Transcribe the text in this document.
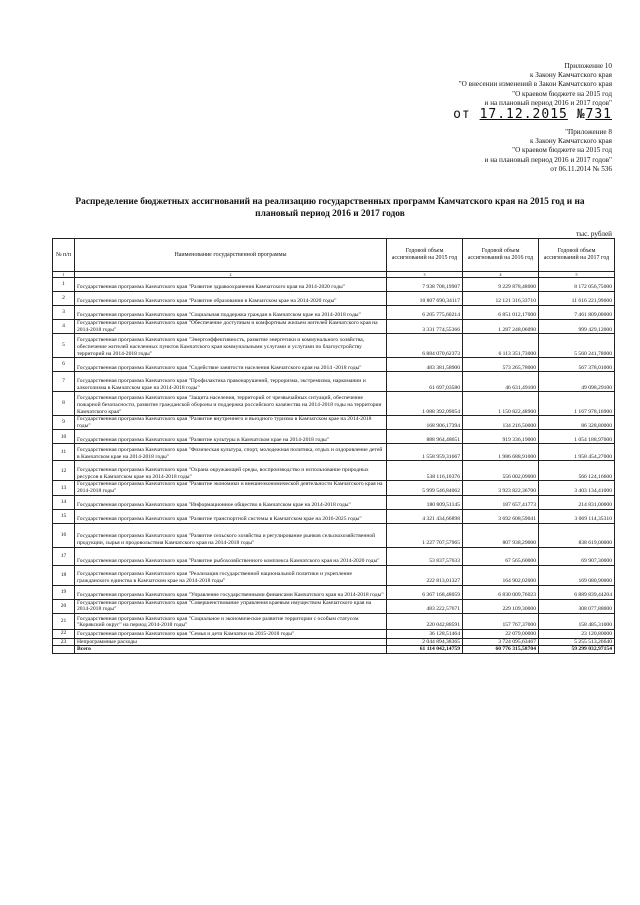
Приложение 10
к Закону Камчатского края
"О внесении изменений в Закон Камчатского края
"О краевом бюджете на 2015 год
и на плановый период 2016 и 2017 годов"
от 17.12.2015 №731
"Приложение 8
к Закону Камчатского края
"О краевом бюджете на 2015 год
и на плановый период 2016 и 2017 годов"
от 06.11.2014 № 536
Распределение бюджетных ассигнований на реализацию государственных программ Камчатского края на 2015 год и на плановый период 2016 и 2017 годов
тыс. рублей
№ п/п	Наименование государственной программы	Годовой объем ассигнований на 2015 год	Годовой объем ассигнований на 2016 год	Годовой объем ассигнований на 2017 год
1	2	3	4	5
1	Государственная программа Камчатского края "Развитие здравоохранения Камчатского края на 2014-2020 годы"	7 938 708,19907	9 229 878,48000	8 172 056,75000
2	Государственная программа Камчатского края "Развитие образования в Камчатском крае на 2014-2020 годы"	10 807 690,34117	12 121 316,33710	11 616 221,99000
3	Государственная программа Камчатского края "Социальная поддержка граждан в Камчатском крае на 2014-2018 годы"	6 205 775,60214	6 851 012,17000	7 461 809,00000
4	Государственная программа Камчатского края "Обеспечение доступным и комфортным жильем жителей Камчатского края на 2014-2018 годы"	3 331 774,55366	1 287 248,06090	999 429,12000
5	Государственная программа Камчатского края "Энергоэффективность, развитие энергетики и коммунального хозяйства, обеспечение жителей населенных пунктов Камчатского края коммунальными услугами и услугами по благоустройству территорий на 2014-2018 годы"	6 884 070,62373	6 113 351,73000	5 560 241,78000
6	Государственная программа Камчатского края "Содействие занятости населения Камчатского края на 2014 -2018 годы"	483 381,58900	573 265,78000	567 378,01000
7	Государственная программа Камчатского края "Профилактика правонарушений, терроризма, экстремизма, наркомании и алкоголизма в Камчатском крае на 2014-2018 годы"	61 697,03580	46 631,49100	49 098,29100
8	Государственная программа Камчатского края "Защита населения, территорий от чрезвычайных ситуаций, обеспечение пожарной безопасности, развитие гражданской обороны и поддержка российского казачества на 2014-2018 годы на территории Камчатского края"	1 088 392,09054	1 150 822,48900	1 167 978,16900
9	Государственная программа Камчатского края "Развитие внутреннего и въездного туризма в Камчатском крае на 2014-2018 годы"	168 906,17394	134 216,50000	86 328,80000
10	Государственная программа Камчатского края "Развитие культуры в Камчатском крае на 2014-2018 годы"	888 964,48651	919 336,19000	1 054 188,97000
11	Государственная программа Камчатского края "Физическая культура, спорт, молодежная политика, отдых и оздоровление детей в Камчатском крае на 2014-2018 годы"	1 558 959,31667	1 986 688,91000	1 958 454,27000
12	Государственная программа Камчатского края "Охрана окружающей среды, воспроизводство и использование природных ресурсов в Камчатском крае на 2014-2018 годы"	538 116,10376	556 002,09000	566 124,16600
13	Государственная программа Камчатского края "Развитие экономики и внешнеэкономической деятельности Камчатского края на 2014-2018 годы"	5 999 546,84062	3 923 822,36700	3 403 134,41000
14	Государственная программа Камчатского края "Информационное общество в Камчатском крае на 2014-2018 годы"	180 809,51145	187 657,41773	214 831,00000
15	Государственная программа Камчатского края "Развитие транспортной системы в Камчатском крае на 2016-2025 годы"	4 321 434,66898	3 692 608,59041	3 069 114,35310
16	Государственная программа Камчатского края "Развитие сельского хозяйства и регулирование рынков сельскохозяйственной продукции, сырья и продовольствия Камчатского края на 2014-2018 годы"	1 227 707,57965	807 938,29000	838 619,00000
17	Государственная программа Камчатского края "Развитие рыбохозяйственного комплекса Камчатского края на 2014-2020 годы"	53 837,57633	67 565,60000	69 907,30000
18	Государственная программа Камчатского края "Реализация государственной национальной политики и укрепление гражданского единства в Камчатском крае на 2014-2018 годы"	222 813,01327	164 902,02000	169 080,90000
19	Государственная программа Камчатского края "Управление государственными финансами Камчатского края на 2014-2018 годы"	6 367 168,48059	6 830 009,76023	6 889 839,44204
20	Государственная программа Камчатского края "Совершенствование управления краевым имуществом Камчатского края на 2014-2018 годы"	483 222,57671	229 109,30000	308 077,88000
21	Государственная программа Камчатского края "Социальное и экономическое развитие территории с особым статусом "Корякский округ" на период 2014-2018 годы"	220 042,88591	157 767,37000	158 485,31000
22	Государственная программа Камчатского края "Семья и дети Камчатки на 2015-2018 годы"	36 128,51464	22 079,00000	23 120,80000
23	Непрограммные расходы	2 044 894,38365	3 724 095,63467	5 255 513,26640
	Всего	61 114 042,14759	60 776 315,58704	59 299 032,97154
